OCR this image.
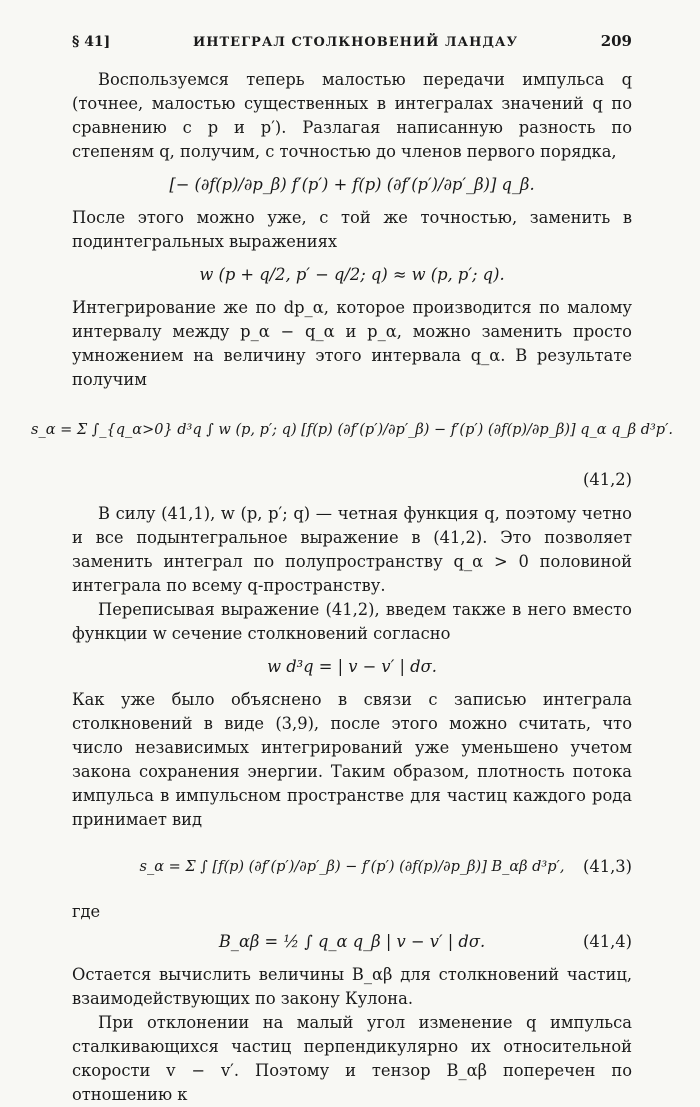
§ 41]	ИНТЕГРАЛ СТОЛКНОВЕНИЙ ЛАНДАУ	209

Воспользуемся теперь малостью передачи импульса q (точнее, малостью существенных в интегралах значений q по сравнению с p и p′). Разлагая написанную разность по степеням q, получим, с точностью до членов первого порядка,

[− (∂f(p)/∂p_β) f′(p′) + f(p) (∂f′(p′)/∂p′_β)] q_β.

После этого можно уже, с той же точностью, заменить в подинтегральных выражениях

w (p + q/2, p′ − q/2; q) ≈ w (p, p′; q).

Интегрирование же по dp_α, которое производится по малому интервалу между p_α − q_α и p_α, можно заменить просто умножением на величину этого интервала q_α. В результате получим

s_α = Σ ∫_{q_α>0} d³q ∫ w (p, p′; q) [f(p) (∂f′(p′)/∂p′_β) − f′(p′) (∂f(p)/∂p_β)] q_α q_β d³p′.
(41,2)

В силу (41,1), w (p, p′; q) — четная функция q, поэтому четно и все подынтегральное выражение в (41,2). Это позволяет заменить интеграл по полупространству q_α > 0 половиной интеграла по всему q-пространству.

Переписывая выражение (41,2), введем также в него вместо функции w сечение столкновений согласно

w d³q = | v − v′ | dσ.

Как уже было объяснено в связи с записью интеграла столкновений в виде (3,9), после этого можно считать, что число независимых интегрирований уже уменьшено учетом закона сохранения энергии. Таким образом, плотность потока импульса в импульсном пространстве для частиц каждого рода принимает вид

s_α = Σ ∫ [f(p) (∂f′(p′)/∂p′_β) − f′(p′) (∂f(p)/∂p_β)] B_αβ d³p′, (41,3)
где
B_αβ = ½ ∫ q_α q_β | v − v′ | dσ.	(41,4)

Остается вычислить величины B_αβ для столкновений частиц, взаимодействующих по закону Кулона.

При отклонении на малый угол изменение q импульса сталкивающихся частиц перпендикулярно их относительной скорости v − v′. Поэтому и тензор B_αβ поперечен по отношению к
